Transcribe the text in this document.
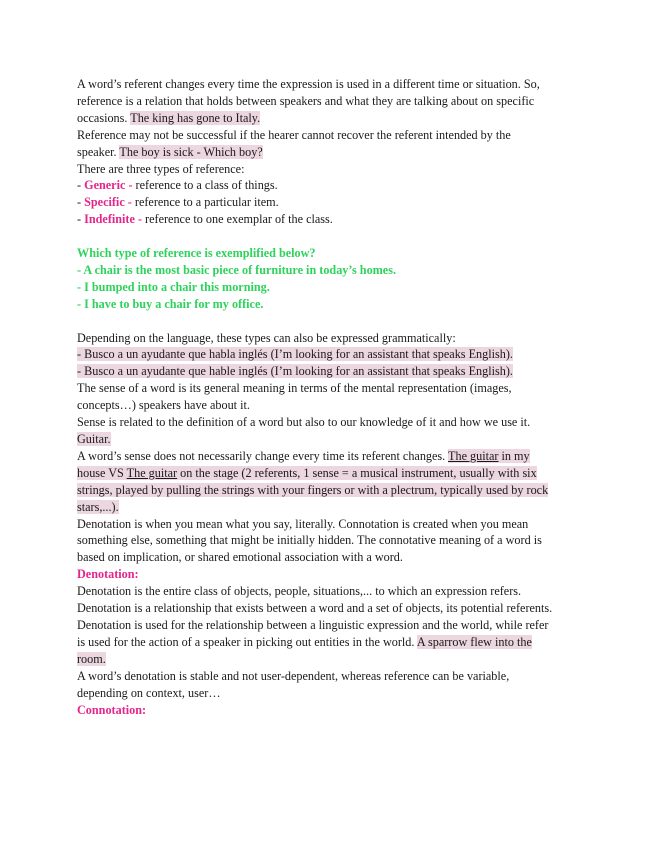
A word’s referent changes every time the expression is used in a different time or situation. So,
reference is a relation that holds between speakers and what they are talking about on specific
occasions. The king has gone to Italy.
Reference may not be successful if the hearer cannot recover the referent intended by the
speaker. The boy is sick - Which boy?
There are three types of reference:
- Generic - reference to a class of things.
- Specific - reference to a particular item.
- Indefinite - reference to one exemplar of the class.
Which type of reference is exemplified below?
- A chair is the most basic piece of furniture in today’s homes.
- I bumped into a chair this morning.
- I have to buy a chair for my office.
Depending on the language, these types can also be expressed grammatically:
- Busco a un ayudante que habla inglés (I’m looking for an assistant that speaks English).
- Busco a un ayudante que hable inglés (I’m looking for an assistant that speaks English).
The sense of a word is its general meaning in terms of the mental representation (images,
concepts…) speakers have about it.
Sense is related to the definition of a word but also to our knowledge of it and how we use it.
Guitar.
A word’s sense does not necessarily change every time its referent changes. The guitar in my
house VS The guitar on the stage (2 referents, 1 sense = a musical instrument, usually with six
strings, played by pulling the strings with your fingers or with a plectrum, typically used by rock
stars,...).
Denotation is when you mean what you say, literally. Connotation is created when you mean
something else, something that might be initially hidden. The connotative meaning of a word is
based on implication, or shared emotional association with a word.
Denotation:
Denotation is the entire class of objects, people, situations,... to which an expression refers.
Denotation is a relationship that exists between a word and a set of objects, its potential referents.
Denotation is used for the relationship between a linguistic expression and the world, while refer
is used for the action of a speaker in picking out entities in the world. A sparrow flew into the
room.
A word’s denotation is stable and not user-dependent, whereas reference can be variable,
depending on context, user…
Connotation:
